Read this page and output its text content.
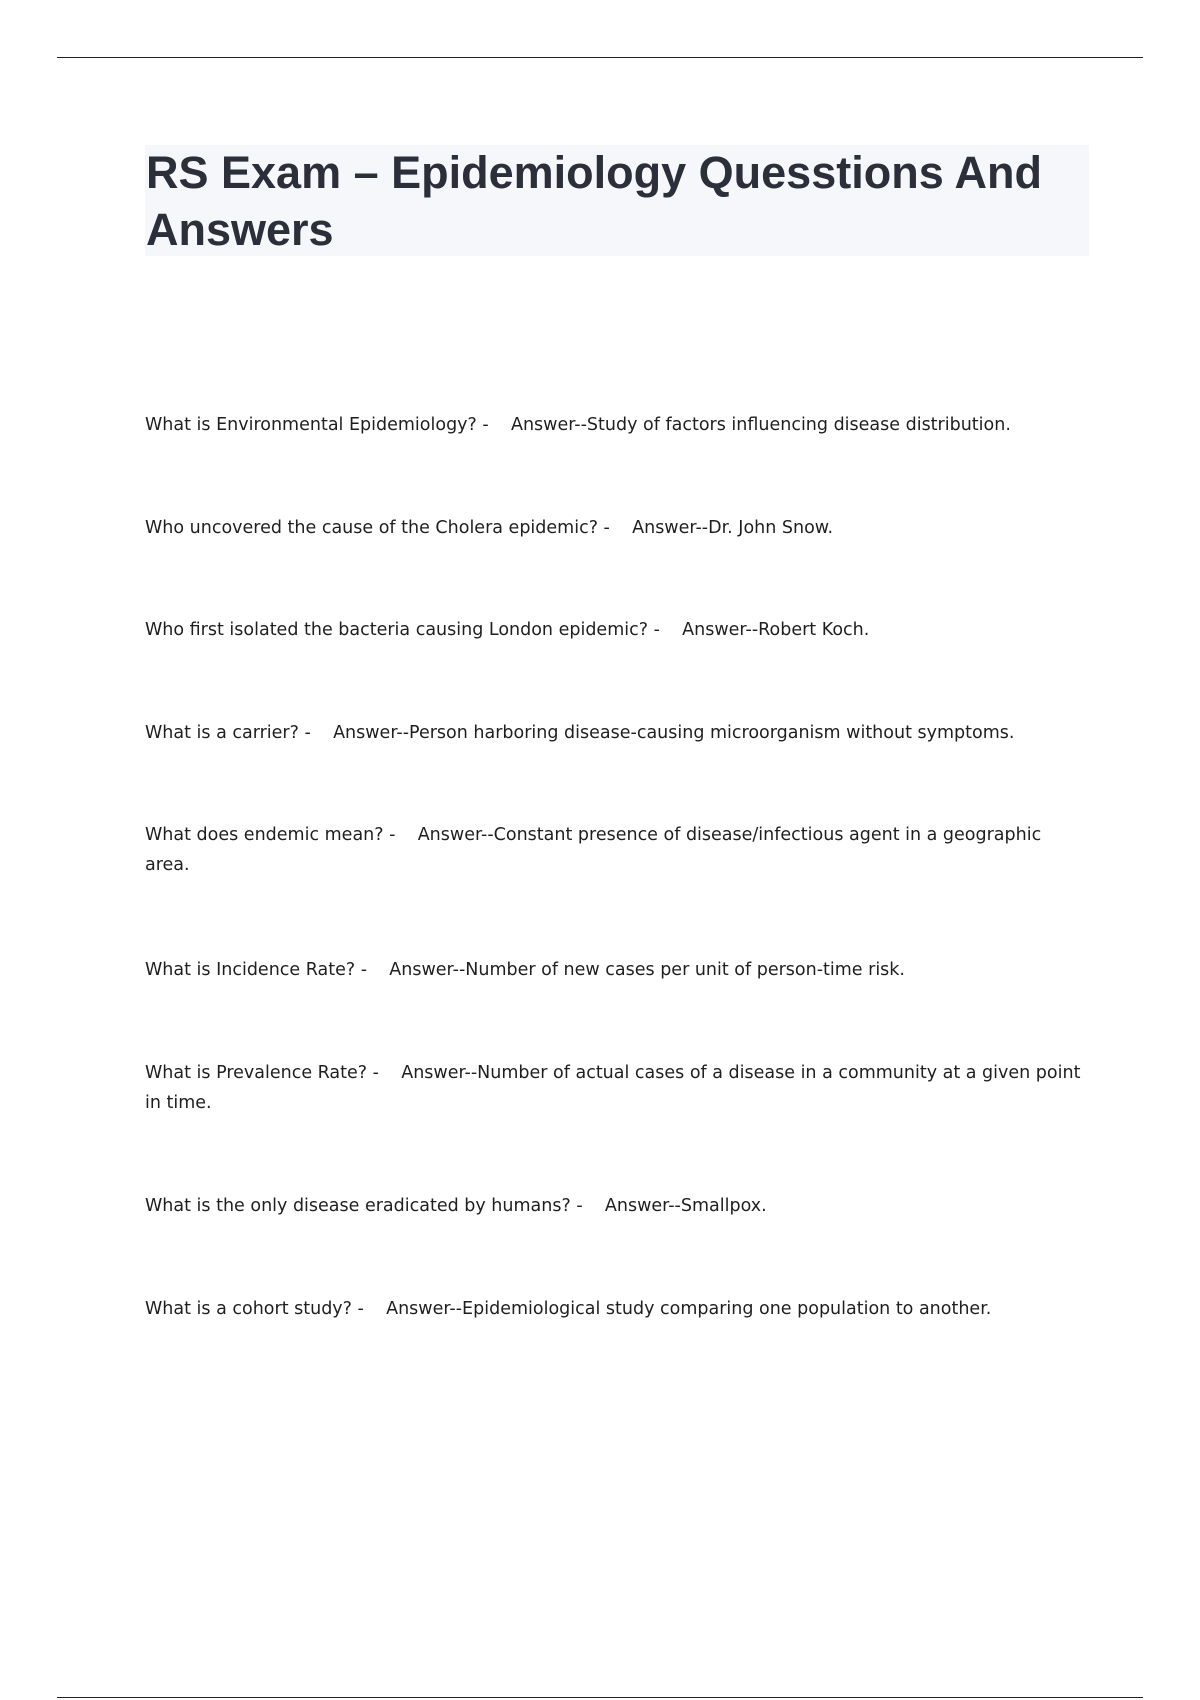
RS Exam – Epidemiology Quesstions And Answers

What is Environmental Epidemiology? -    Answer--Study of factors influencing disease distribution.

Who uncovered the cause of the Cholera epidemic? -    Answer--Dr. John Snow.

Who first isolated the bacteria causing London epidemic? -    Answer--Robert Koch.

What is a carrier? -    Answer--Person harboring disease-causing microorganism without symptoms.

What does endemic mean? -    Answer--Constant presence of disease/infectious agent in a geographic area.

What is Incidence Rate? -    Answer--Number of new cases per unit of person-time risk.

What is Prevalence Rate? -    Answer--Number of actual cases of a disease in a community at a given point in time.

What is the only disease eradicated by humans? -    Answer--Smallpox.

What is a cohort study? -    Answer--Epidemiological study comparing one population to another.
